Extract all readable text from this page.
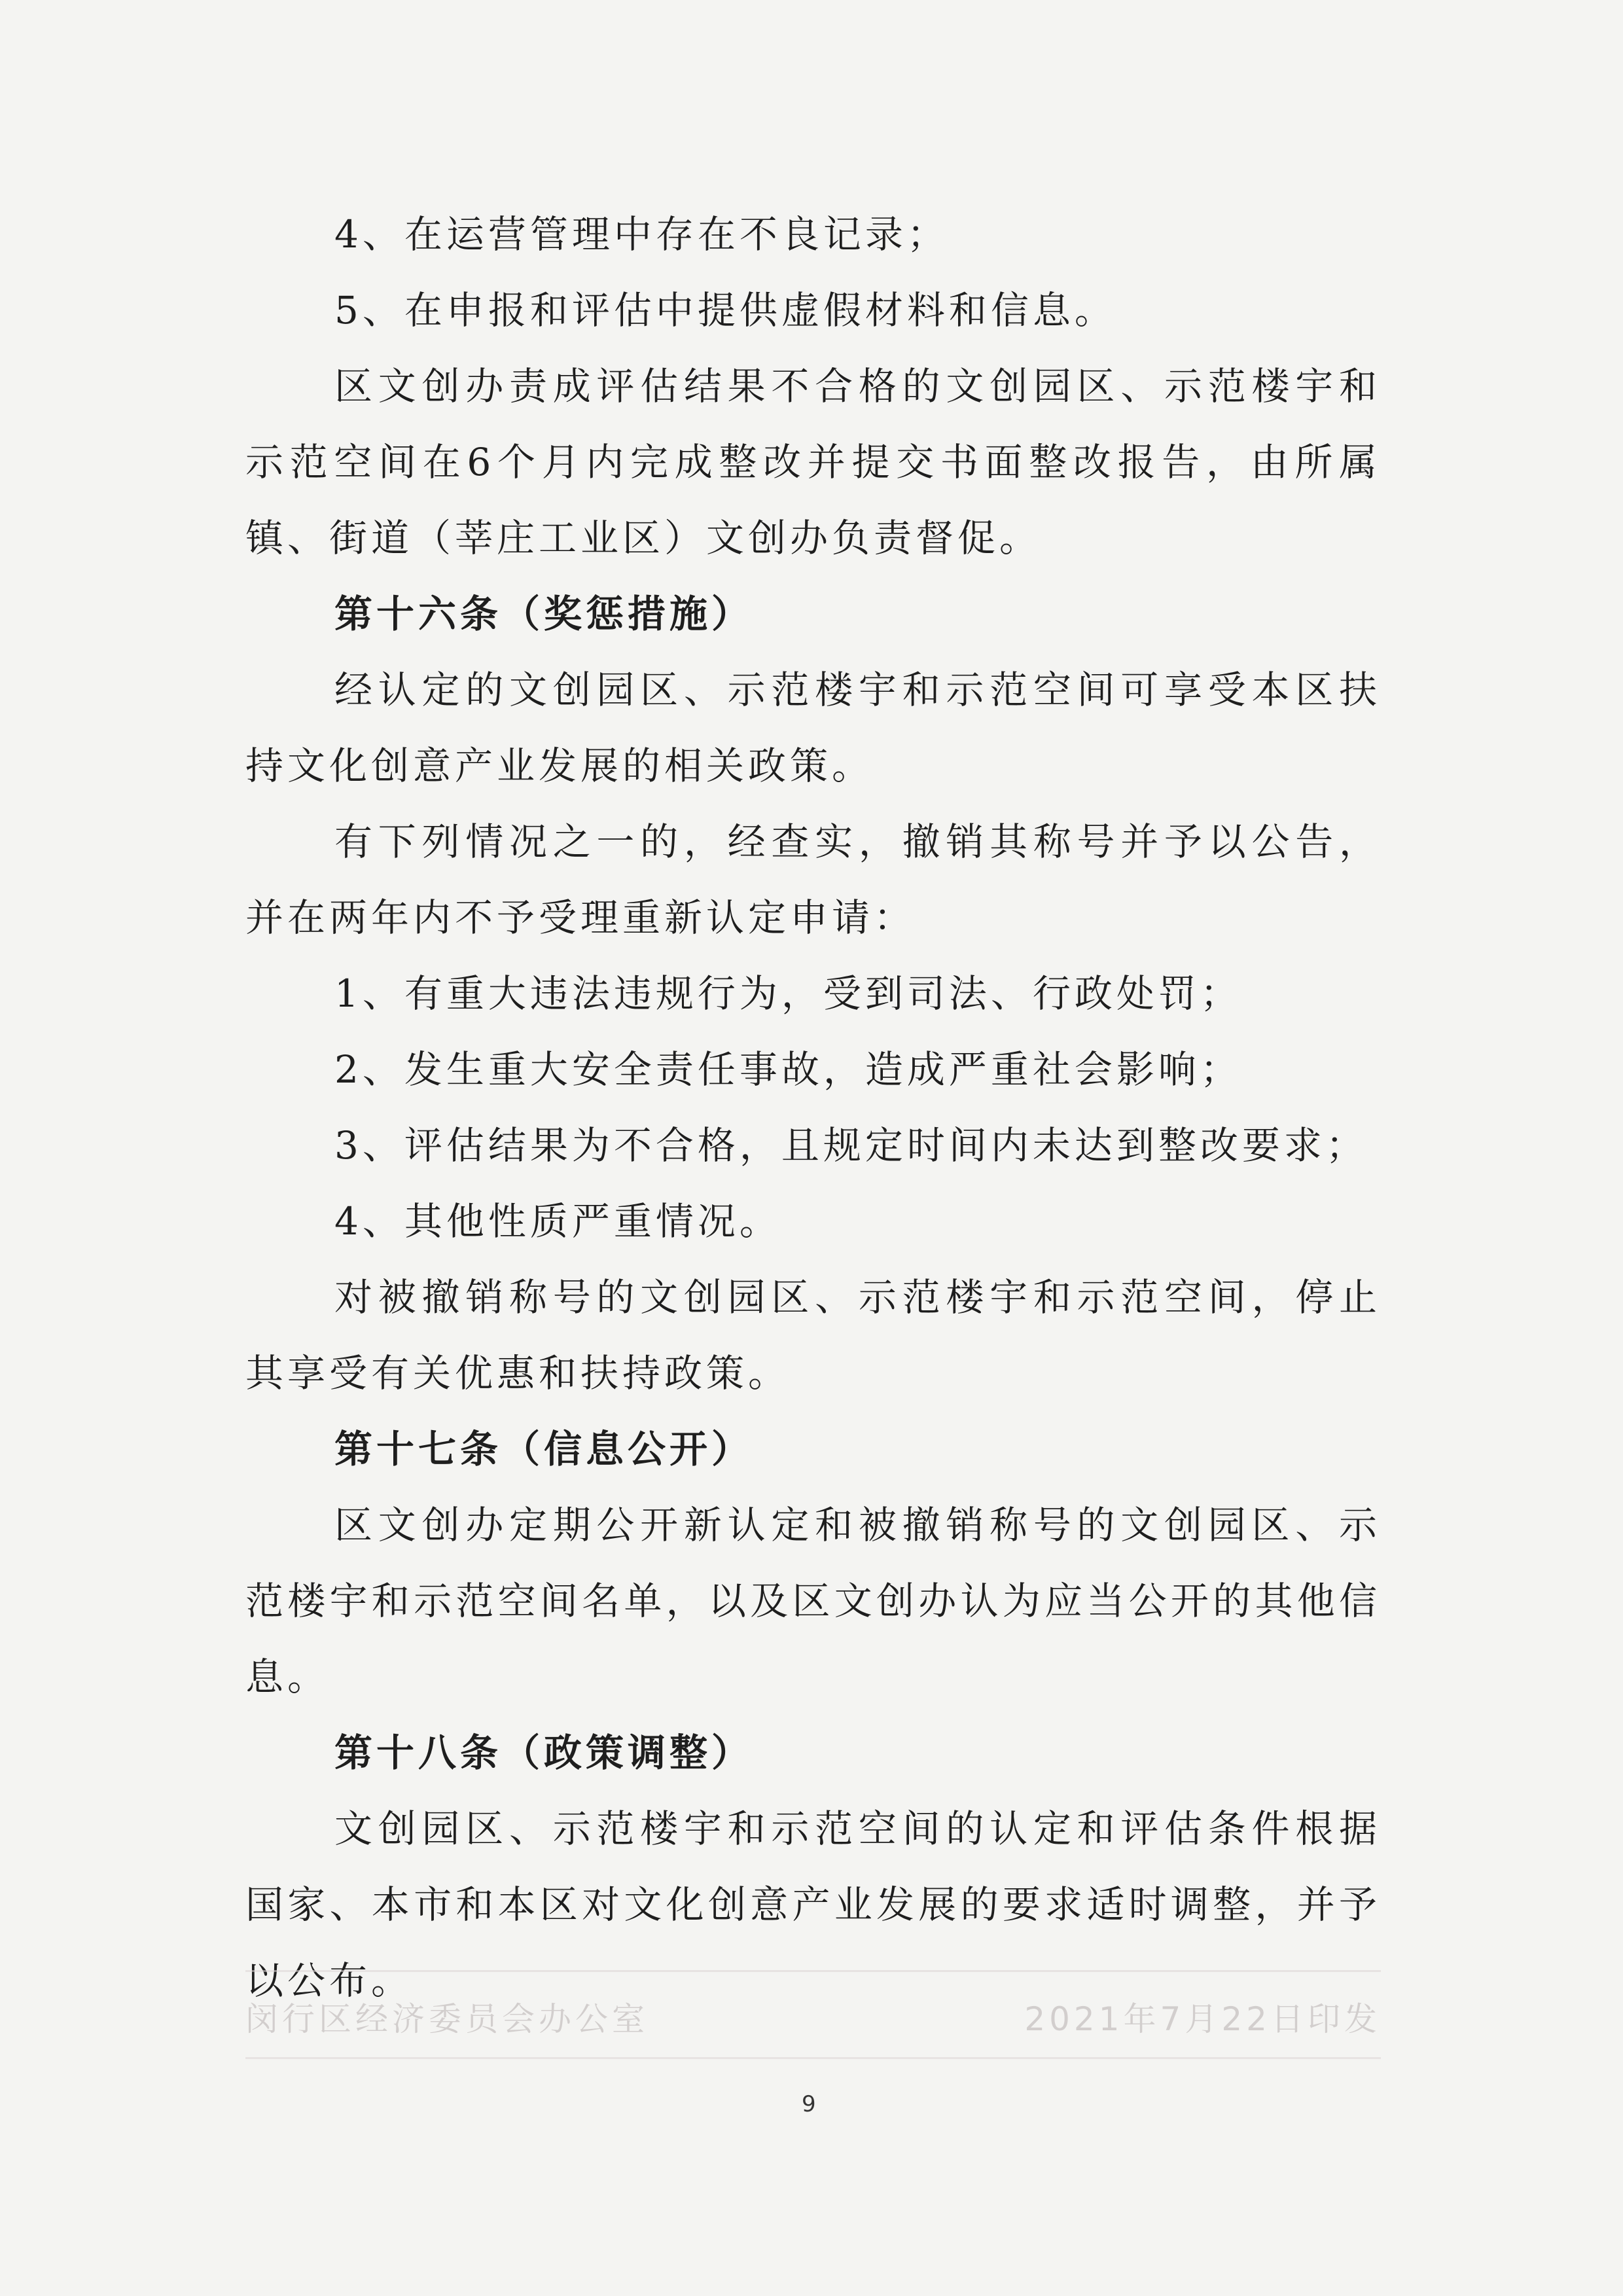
4、在运营管理中存在不良记录；

5、在申报和评估中提供虚假材料和信息。

区文创办责成评估结果不合格的文创园区、示范楼宇和示范空间在6个月内完成整改并提交书面整改报告，由所属镇、街道（莘庄工业区）文创办负责督促。

第十六条（奖惩措施）

经认定的文创园区、示范楼宇和示范空间可享受本区扶持文化创意产业发展的相关政策。

有下列情况之一的，经查实，撤销其称号并予以公告，并在两年内不予受理重新认定申请：

1、有重大违法违规行为，受到司法、行政处罚；

2、发生重大安全责任事故，造成严重社会影响；

3、评估结果为不合格，且规定时间内未达到整改要求；

4、其他性质严重情况。

对被撤销称号的文创园区、示范楼宇和示范空间，停止其享受有关优惠和扶持政策。

第十七条（信息公开）

区文创办定期公开新认定和被撤销称号的文创园区、示范楼宇和示范空间名单，以及区文创办认为应当公开的其他信息。

第十八条（政策调整）

文创园区、示范楼宇和示范空间的认定和评估条件根据国家、本市和本区对文化创意产业发展的要求适时调整，并予以公布。

闵行区经济委员会办公室	2021年7月22日印发
9
